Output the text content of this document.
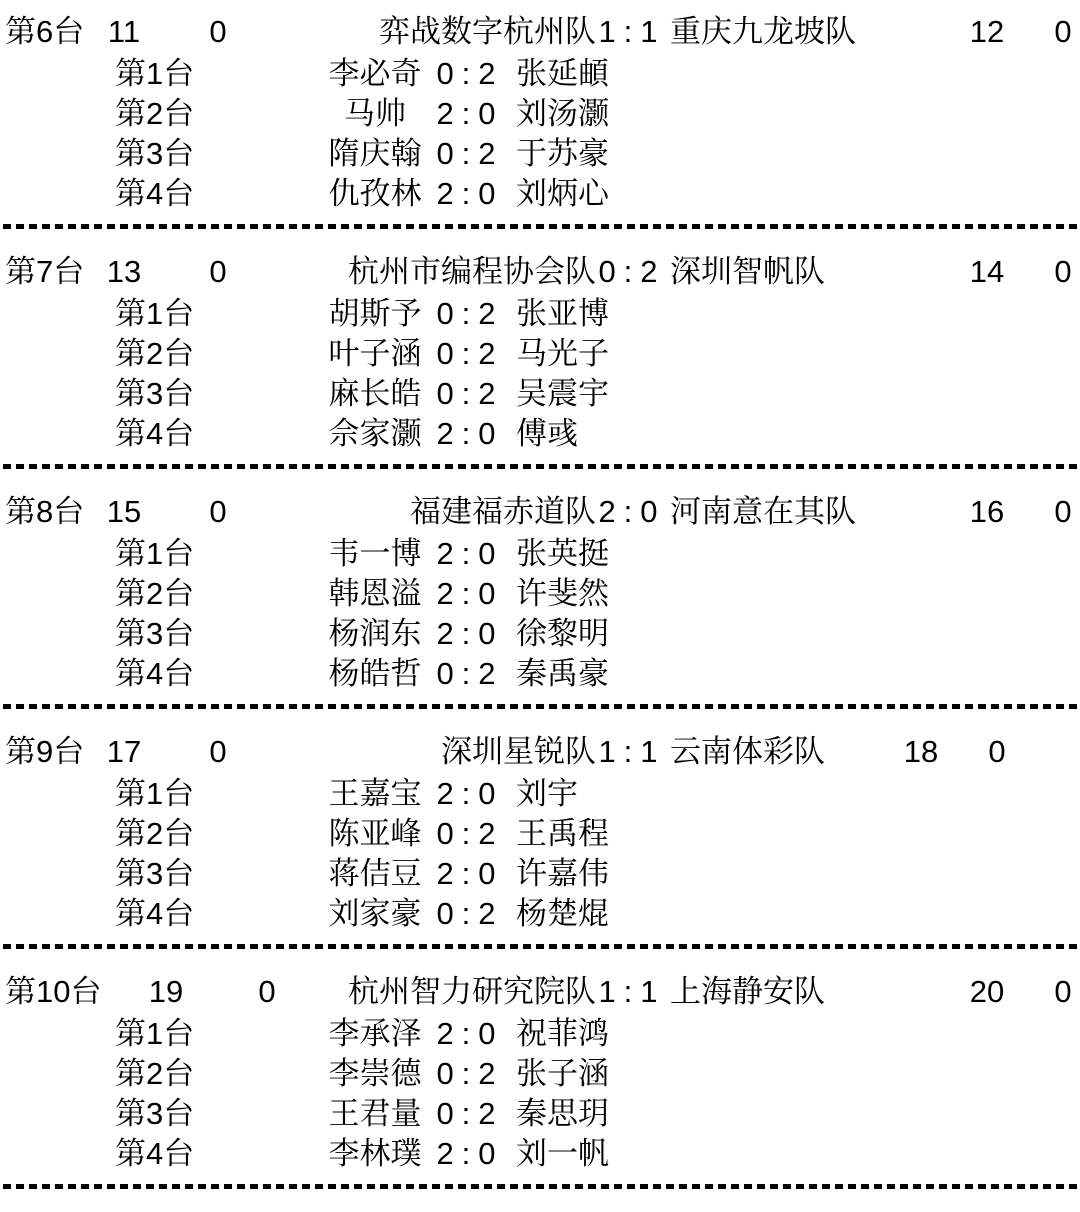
第6台 11	0	弈战数字杭州队 1:1 重庆九龙坡队	12 0
第1台	李必奇 0:2 张延頔
第2台	马帅 2:0 刘汤灏
第3台	隋庆翰 0:2 于苏豪
第4台	仇孜林 2:0 刘炳心
第7台 13	0	杭州市编程协会队 0:2 深圳智帆队	14 0
第1台	胡斯予 0:2 张亚博
第2台	叶子涵 0:2 马光子
第3台	麻长皓 0:2 吴震宇
第4台	佘家灏 2:0 傅彧
第8台 15	0	福建福赤道队 2:0 河南意在其队	16 0
第1台	韦一博 2:0 张英挺
第2台	韩恩溢 2:0 许斐然
第3台	杨润东 2:0 徐黎明
第4台	杨皓哲 0:2 秦禹豪
第9台 17	0	深圳星锐队 1:1 云南体彩队	18 0
第1台	王嘉宝 2:0 刘宇
第2台	陈亚峰 0:2 王禹程
第3台	蒋佶豆 2:0 许嘉伟
第4台	刘家豪 0:2 杨楚焜
第10台	19	0	杭州智力研究院队 1:1 上海静安队	20 0
第1台	李承泽 2:0 祝菲鸿
第2台	李崇德 0:2 张子涵
第3台	王君量 0:2 秦思玥
第4台	李林璞 2:0 刘一帆
